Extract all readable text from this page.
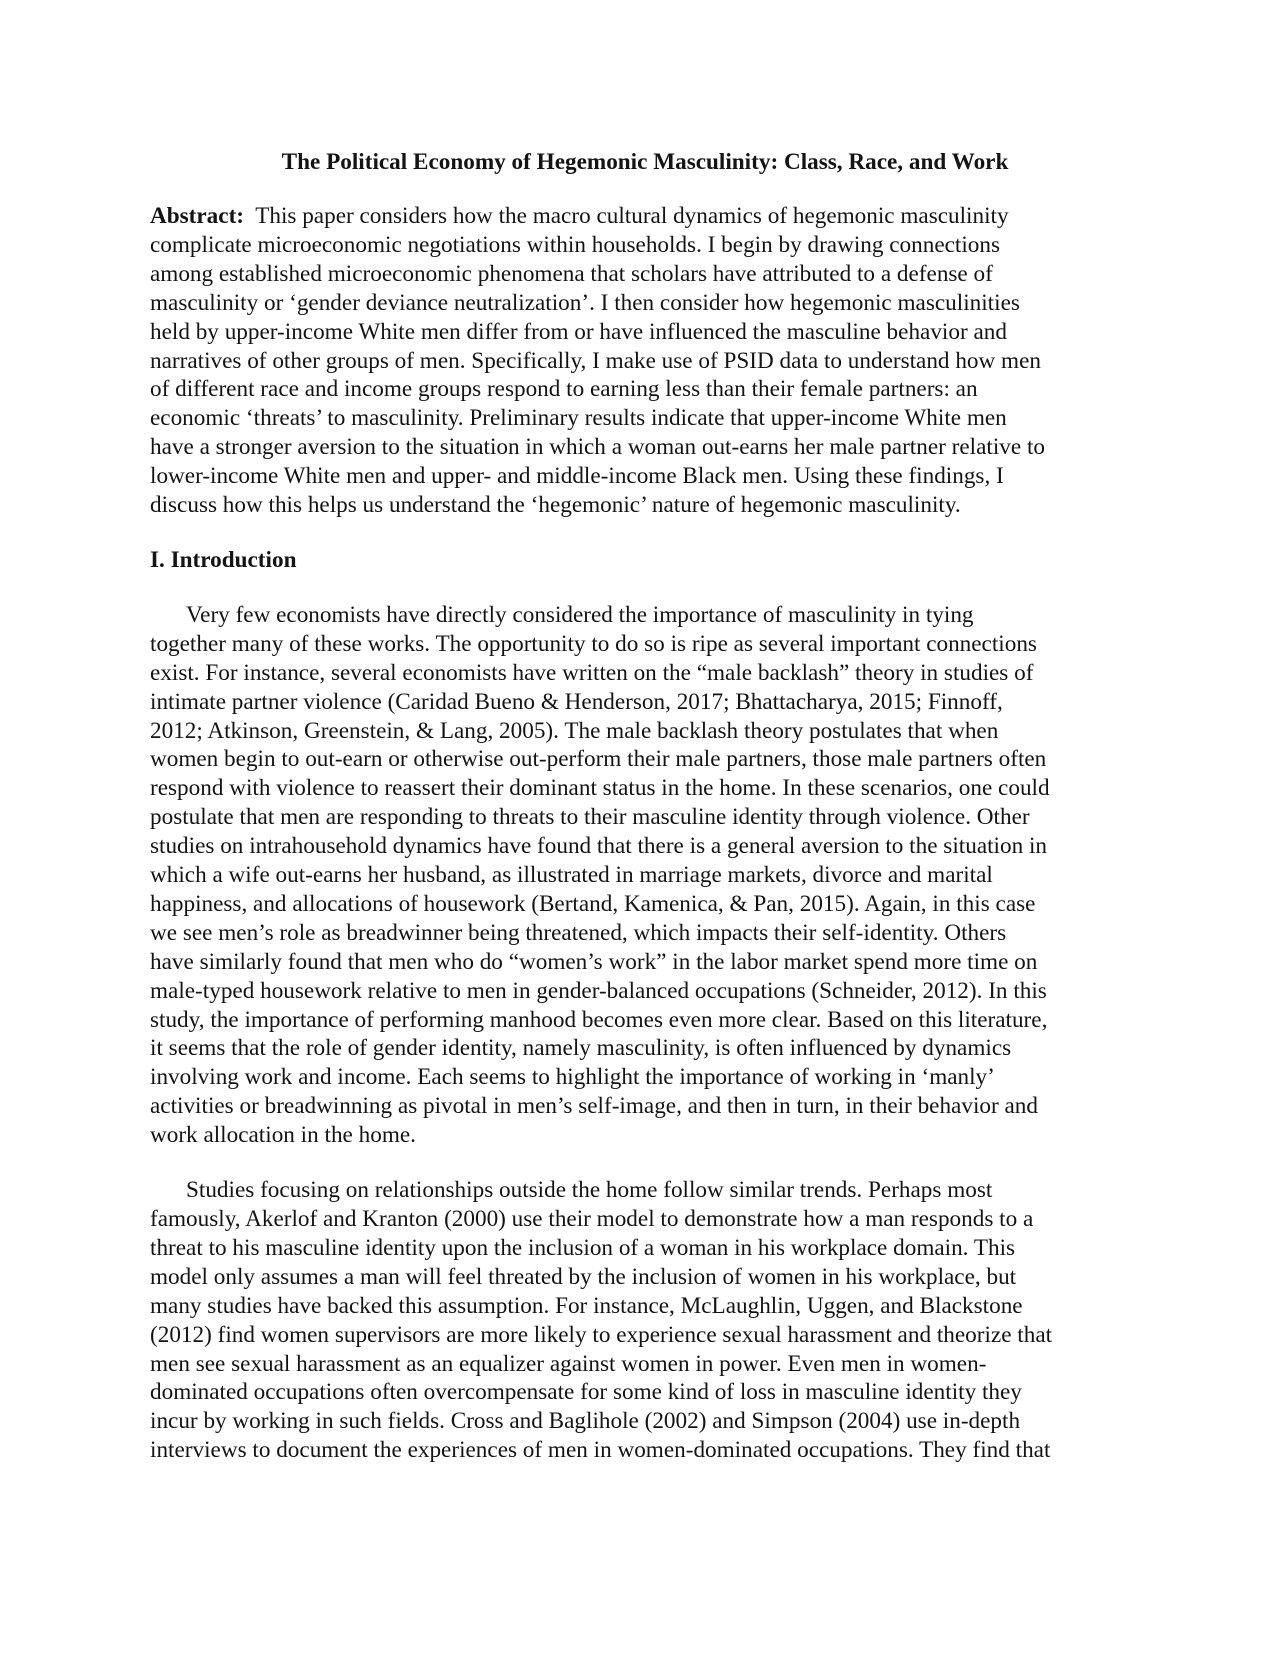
The Political Economy of Hegemonic Masculinity: Class, Race, and Work
Abstract:  This paper considers how the macro cultural dynamics of hegemonic masculinity
complicate microeconomic negotiations within households. I begin by drawing connections
among established microeconomic phenomena that scholars have attributed to a defense of
masculinity or ‘gender deviance neutralization’. I then consider how hegemonic masculinities
held by upper-income White men differ from or have influenced the masculine behavior and
narratives of other groups of men. Specifically, I make use of PSID data to understand how men
of different race and income groups respond to earning less than their female partners: an
economic ‘threats’ to masculinity. Preliminary results indicate that upper-income White men
have a stronger aversion to the situation in which a woman out-earns her male partner relative to
lower-income White men and upper- and middle-income Black men. Using these findings, I
discuss how this helps us understand the ‘hegemonic’ nature of hegemonic masculinity.
I. Introduction
Very few economists have directly considered the importance of masculinity in tying
together many of these works. The opportunity to do so is ripe as several important connections
exist. For instance, several economists have written on the “male backlash” theory in studies of
intimate partner violence (Caridad Bueno & Henderson, 2017; Bhattacharya, 2015; Finnoff,
2012; Atkinson, Greenstein, & Lang, 2005). The male backlash theory postulates that when
women begin to out-earn or otherwise out-perform their male partners, those male partners often
respond with violence to reassert their dominant status in the home. In these scenarios, one could
postulate that men are responding to threats to their masculine identity through violence. Other
studies on intrahousehold dynamics have found that there is a general aversion to the situation in
which a wife out-earns her husband, as illustrated in marriage markets, divorce and marital
happiness, and allocations of housework (Bertand, Kamenica, & Pan, 2015). Again, in this case
we see men’s role as breadwinner being threatened, which impacts their self-identity. Others
have similarly found that men who do “women’s work” in the labor market spend more time on
male-typed housework relative to men in gender-balanced occupations (Schneider, 2012). In this
study, the importance of performing manhood becomes even more clear. Based on this literature,
it seems that the role of gender identity, namely masculinity, is often influenced by dynamics
involving work and income. Each seems to highlight the importance of working in ‘manly’
activities or breadwinning as pivotal in men’s self-image, and then in turn, in their behavior and
work allocation in the home.
Studies focusing on relationships outside the home follow similar trends. Perhaps most
famously, Akerlof and Kranton (2000) use their model to demonstrate how a man responds to a
threat to his masculine identity upon the inclusion of a woman in his workplace domain. This
model only assumes a man will feel threated by the inclusion of women in his workplace, but
many studies have backed this assumption. For instance, McLaughlin, Uggen, and Blackstone
(2012) find women supervisors are more likely to experience sexual harassment and theorize that
men see sexual harassment as an equalizer against women in power. Even men in women-
dominated occupations often overcompensate for some kind of loss in masculine identity they
incur by working in such fields. Cross and Baglihole (2002) and Simpson (2004) use in-depth
interviews to document the experiences of men in women-dominated occupations. They find that
